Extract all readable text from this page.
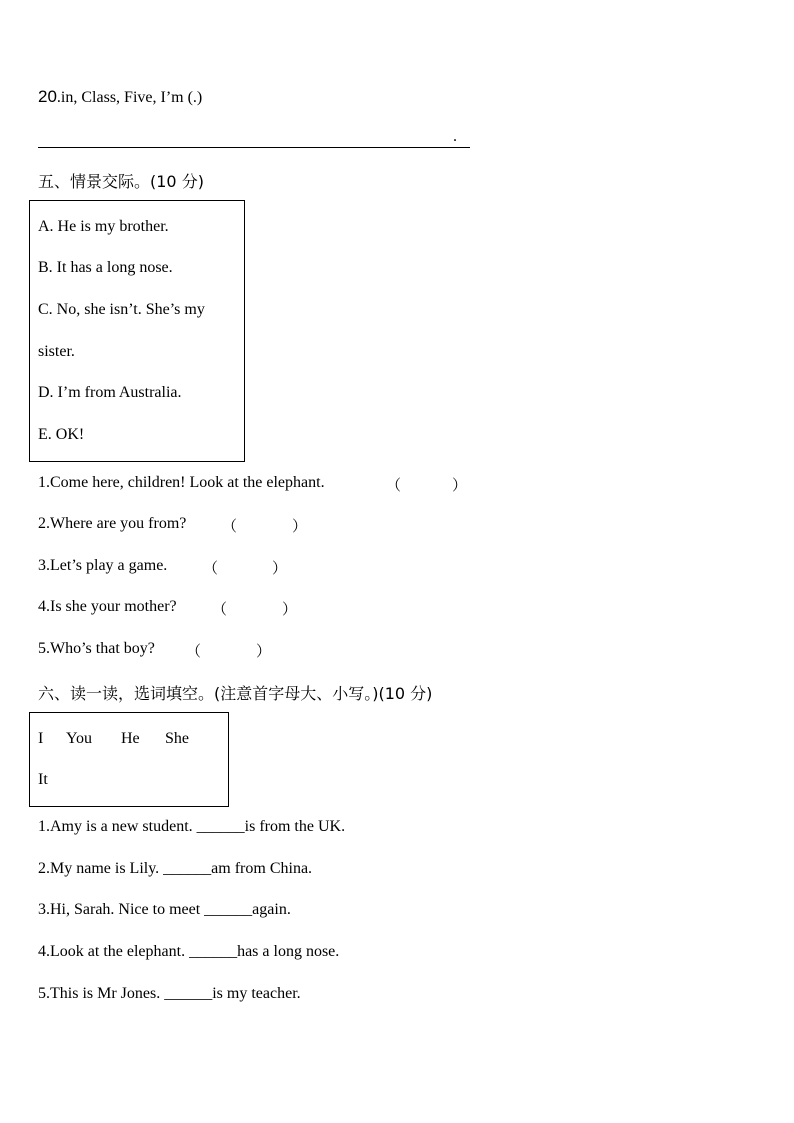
20.in, Class, Five, I’m (.)
.
五、情景交际。(10 分)
A. He is my brother.
B. It has a long nose.
C. No, she isn’t. She’s my
sister.
D. I’m from Australia.
E. OK!
1.Come here, children! Look at the elephant.	（	）
2.Where are you from? （	）
3.Let’s play a game. （	）
4.Is she your mother? （	）
5.Who’s that boy? （	）
六、读一读，选词填空。(注意首字母大、小写。)(10 分)
I You He She
It
1.Amy is a new student. ______is from the UK.
2.My name is Lily. ______am from China.
3.Hi, Sarah. Nice to meet ______again.
4.Look at the elephant. ______has a long nose.
5.This is Mr Jones. ______is my teacher.
